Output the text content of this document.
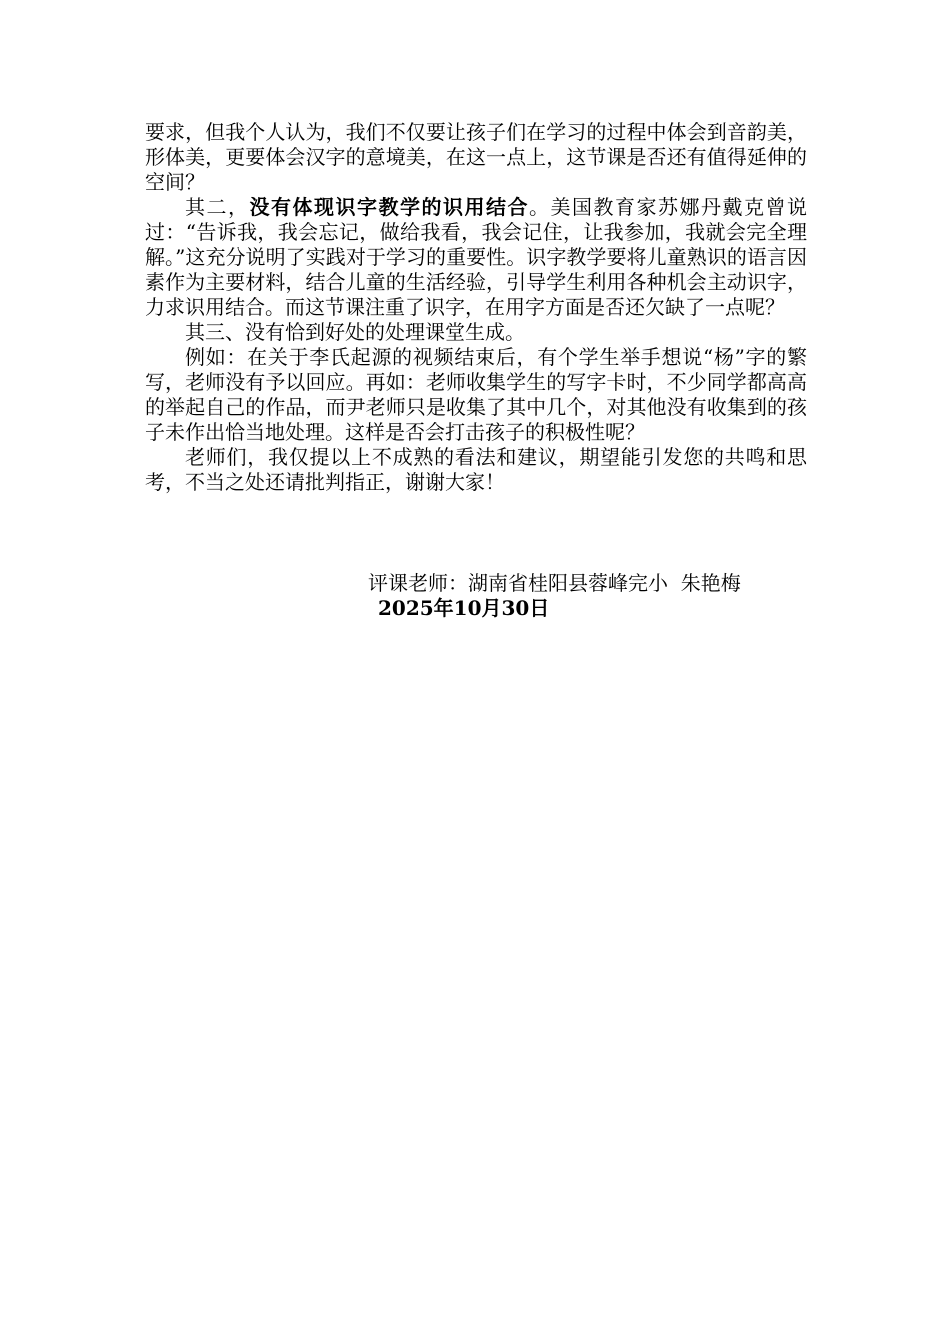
要求，但我个人认为，我们不仅要让孩子们在学习的过程中体会到音韵美，形体美，更要体会汉字的意境美，在这一点上，这节课是否还有值得延伸的空间？

其二，没有体现识字教学的识用结合。美国教育家苏娜丹戴克曾说过：“告诉我，我会忘记，做给我看，我会记住，让我参加，我就会完全理解。”这充分说明了实践对于学习的重要性。识字教学要将儿童熟识的语言因素作为主要材料，结合儿童的生活经验，引导学生利用各种机会主动识字，力求识用结合。而这节课注重了识字，在用字方面是否还欠缺了一点呢？

其三、没有恰到好处的处理课堂生成。

例如：在关于李氏起源的视频结束后，有个学生举手想说“杨”字的繁写，老师没有予以回应。再如：老师收集学生的写字卡时，不少同学都高高的举起自己的作品，而尹老师只是收集了其中几个，对其他没有收集到的孩子未作出恰当地处理。这样是否会打击孩子的积极性呢？

老师们，我仅提以上不成熟的看法和建议，期望能引发您的共鸣和思考，不当之处还请批判指正，谢谢大家！

评课老师：湖南省桂阳县蓉峰完小  朱艳梅
2025年10月30日
